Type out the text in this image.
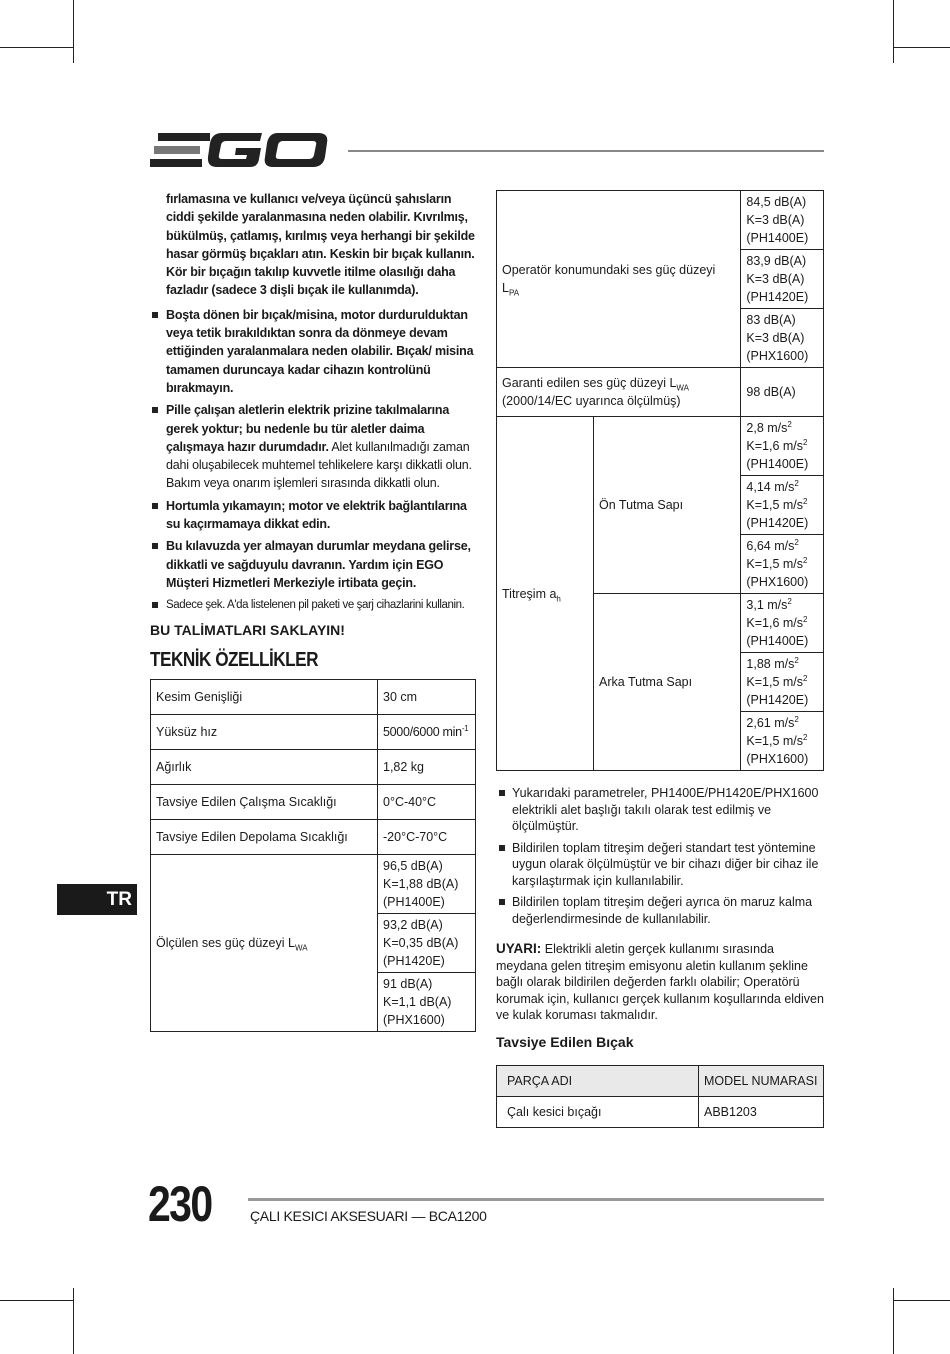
fırlamasına ve kullanıcı ve/veya üçüncü şahısların ciddi şekilde yaralanmasına neden olabilir. Kıvrılmış, bükülmüş, çatlamış, kırılmış veya herhangi bir şekilde hasar görmüş bıçakları atın. Keskin bir bıçak kullanın. Kör bir bıçağın takılıp kuvvetle itilme olasılığı daha fazladır (sadece 3 dişli bıçak ile kullanımda).

Boşta dönen bir bıçak/misina, motor durdurulduktan veya tetik bırakıldıktan sonra da dönmeye devam ettiğinden yaralanmalara neden olabilir. Bıçak/ misina tamamen duruncaya kadar cihazın kontrolünü bırakmayın.
Pille çalışan aletlerin elektrik prizine takılmalarına gerek yoktur; bu nedenle bu tür aletler daima çalışmaya hazır durumdadır. Alet kullanılmadığı zaman dahi oluşabilecek muhtemel tehlikelere karşı dikkatli olun. Bakım veya onarım işlemleri sırasında dikkatli olun.
Hortumla yıkamayın; motor ve elektrik bağlantılarına su kaçırmamaya dikkat edin.
Bu kılavuzda yer almayan durumlar meydana gelirse, dikkatli ve sağduyulu davranın. Yardım için EGO Müşteri Hizmetleri Merkeziyle irtibata geçin.
Sadece şek. A'da listelenen pil paketi ve şarj cihazlarini kullanin.
BU TALİMATLARI SAKLAYIN!
TEKNİK ÖZELLİKLER
Kesim Genişliği	30 cm
Yüksüz hız	5000/6000 $\min^{-1}$
Ağırlık	1,82 kg
Tavsiye Edilen Çalışma Sıcaklığı	0°C-40°C
Tavsiye Edilen Depolama Sıcaklığı	-20°C-70°C
Ölçülen ses güç düzeyi $L_{WA}$	96,5 dB(A)
K=1,88 dB(A)
(PH1400E)

	93,2 dB(A)
K=0,35 dB(A)
(PH1420E)

	91 dB(A)
K=1,1 dB(A)
(PHX1600)
TR
Operatör konumundaki ses güç düzeyi $L_{PA}$		84,5 dB(A)
K=3 dB(A)
(PH1400E)

		83,9 dB(A)
K=3 dB(A)
(PH1420E)

		83 dB(A)
K=3 dB(A)
(PHX1600)

Garanti edilen ses güç düzeyi $L_{WA}$
(2000/14/EC uyarınca ölçülmüş)		98 dB(A)
Titreşim $a_h$	Ön Tutma Sapı	2,8 $m/s^2$
K=1,6 $m/s^2$
(PH1400E)

		4,14 $m/s^2$
K=1,5 $m/s^2$
(PH1420E)

		6,64 $m/s^2$
K=1,5 $m/s^2$
(PHX1600)

	Arka Tutma Sapı	3,1 $m/s^2$
K=1,6 $m/s^2$
(PH1400E)

		1,88 $m/s^2$
K=1,5 $m/s^2$
(PH1420E)

		2,61 $m/s^2$
K=1,5 $m/s^2$
(PHX1600)
Yukarıdaki parametreler, PH1400E/PH1420E/PHX1600 elektrikli alet başlığı takılı olarak test edilmiş ve ölçülmüştür.
Bildirilen toplam titreşim değeri standart test yöntemine uygun olarak ölçülmüştür ve bir cihazı diğer bir cihaz ile karşılaştırmak için kullanılabilir.
Bildirilen toplam titreşim değeri ayrıca ön maruz kalma değerlendirmesinde de kullanılabilir.
UYARI: Elektrikli aletin gerçek kullanımı sırasında meydana gelen titreşim emisyonu aletin kullanım şekline bağlı olarak bildirilen değerden farklı olabilir; Operatörü korumak için, kullanıcı gerçek kullanım koşullarında eldiven ve kulak koruması takmalıdır.
Tavsiye Edilen Bıçak
PARÇA ADI	MODEL NUMARASI
Çalı kesici bıçağı	ABB1203
230	ÇALI KESICI AKSESUARI — BCA1200
